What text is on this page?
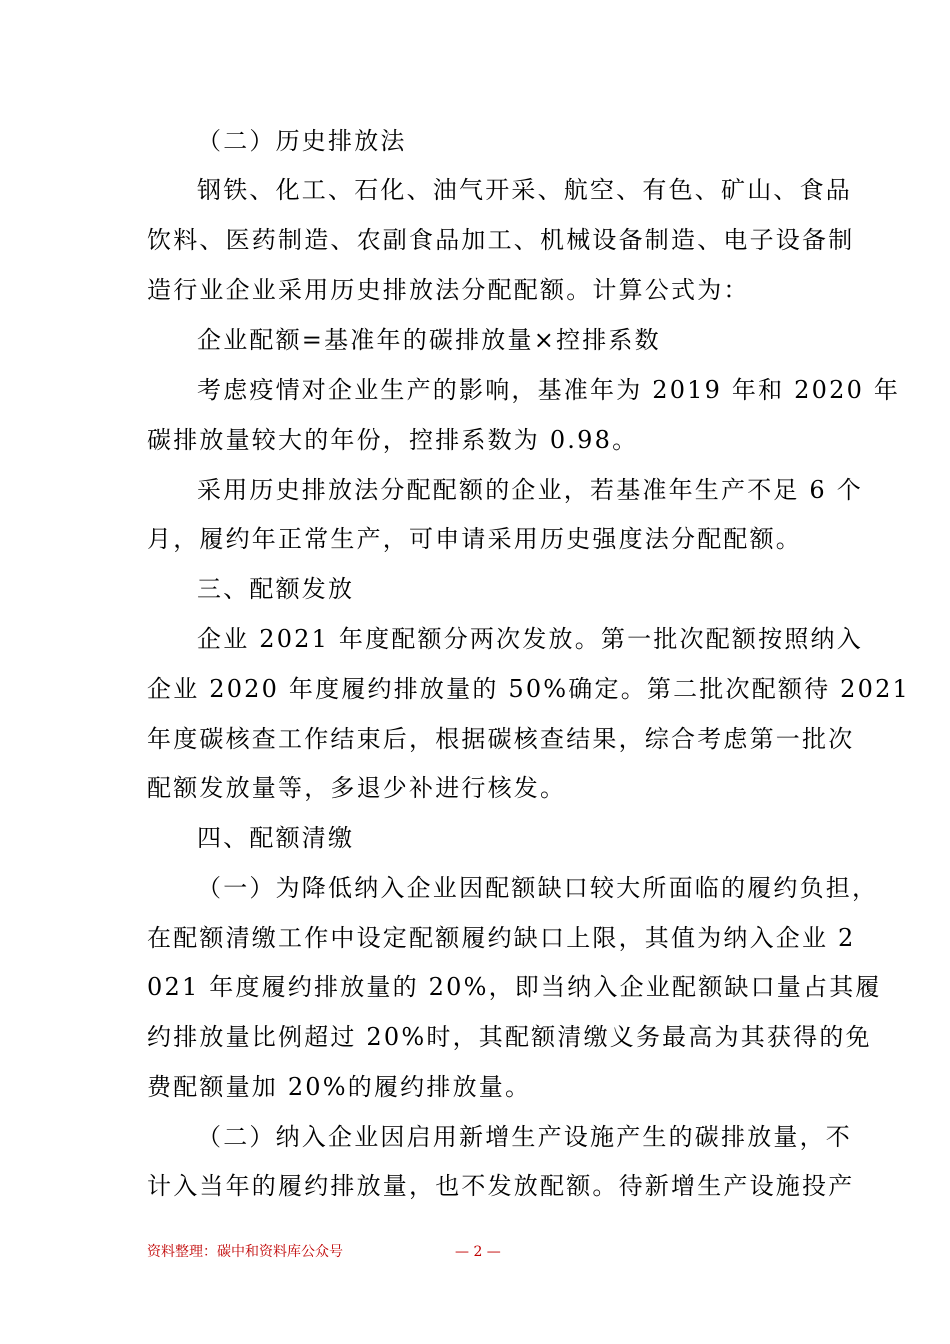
（二）历史排放法
钢铁、化工、石化、油气开采、航空、有色、矿山、食品
饮料、医药制造、农副食品加工、机械设备制造、电子设备制
造行业企业采用历史排放法分配配额。计算公式为：
企业配额=基准年的碳排放量×控排系数
考虑疫情对企业生产的影响，基准年为 2019 年和 2020 年
碳排放量较大的年份，控排系数为 0.98。
采用历史排放法分配配额的企业，若基准年生产不足 6 个
月，履约年正常生产，可申请采用历史强度法分配配额。
三、配额发放
企业 2021 年度配额分两次发放。第一批次配额按照纳入
企业 2020 年度履约排放量的 50%确定。第二批次配额待 2021
年度碳核查工作结束后，根据碳核查结果，综合考虑第一批次
配额发放量等，多退少补进行核发。
四、配额清缴
（一）为降低纳入企业因配额缺口较大所面临的履约负担，
在配额清缴工作中设定配额履约缺口上限，其值为纳入企业 2
021 年度履约排放量的 20%，即当纳入企业配额缺口量占其履
约排放量比例超过 20%时，其配额清缴义务最高为其获得的免
费配额量加 20%的履约排放量。
（二）纳入企业因启用新增生产设施产生的碳排放量，不
计入当年的履约排放量，也不发放配额。待新增生产设施投产
资料整理：碳中和资料库公众号	— 2 —
